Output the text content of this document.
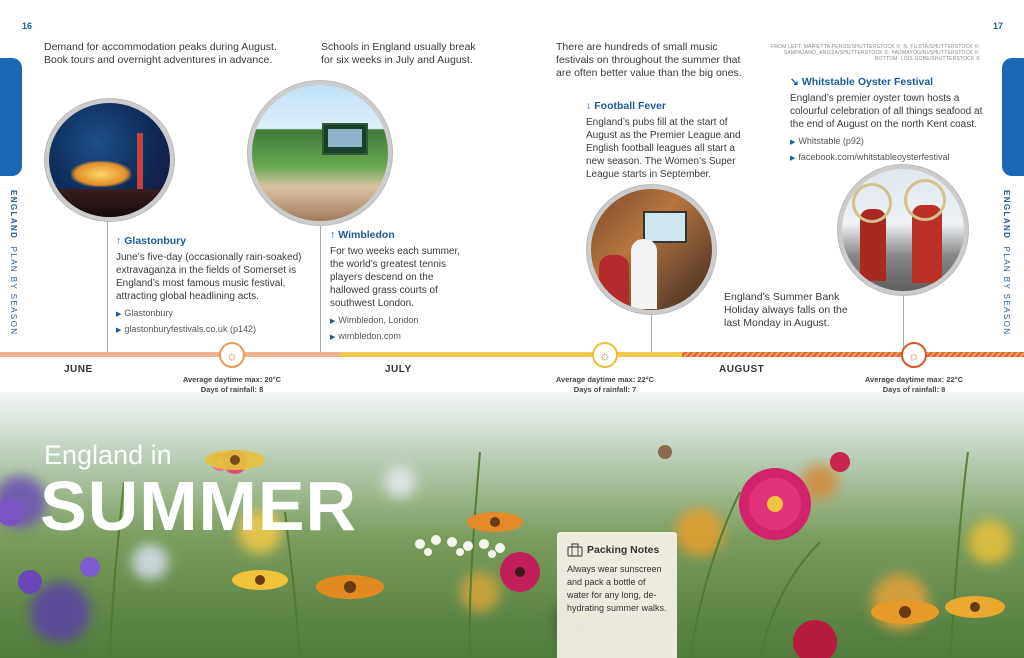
16	17
ENGLAND  PLAN BY SEASON
ENGLAND  PLAN BY SEASON
FROM LEFT: MARIETTA PEROS/SHUTTERSTOCK ©; N. FUJITA/SHUTTERSTOCK ©; SAMPAJANO_ANIZZA/SHUTTERSTOCK ©; PADMAYOGINI/SHUTTERSTOCK ©; BOTTOM: LOIS GOBE/SHUTTERSTOCK ©
Demand for accommodation peaks during August. Book tours and overnight adventures in advance.
Schools in England usually break for six weeks in July and August.
There are hundreds of small music festivals on throughout the summer that are often better value than the big ones.
England’s Summer Bank Holiday always falls on the last Monday in August.
↑ Glastonbury
June’s five-day (occasionally rain-soaked) extravaganza in the fields of Somerset is England’s most famous music festival, attracting global headlining acts.
▶ Glastonbury
▶ glastonburyfestivals.co.uk (p142)
↑ Wimbledon
For two weeks each summer, the world’s greatest tennis players descend on the hallowed grass courts of southwest London.
▶ Wimbledon, London
▶ wimbledon.com
↓ Football Fever
England’s pubs fill at the start of August as the Premier League and English football leagues all start a new season. The Women’s Super League starts in September.
↘ Whitstable Oyster Festival
England’s premier oyster town hosts a colourful celebration of all things seafood at the end of August on the north Kent coast.
▶ Whitstable (p92)
▶ facebook.com/whitstableoysterfestival
England in
SUMMER
Packing Notes

Always wear sunscreen and pack a bottle of water for any long, de-hydrating summer walks.

☼	☼	☼
JUNE	JULY	AUGUST
Average daytime max: 20°C
Days of rainfall: 8
Average daytime max: 22°C
Days of rainfall: 7
Average daytime max: 22°C
Days of rainfall: 8
